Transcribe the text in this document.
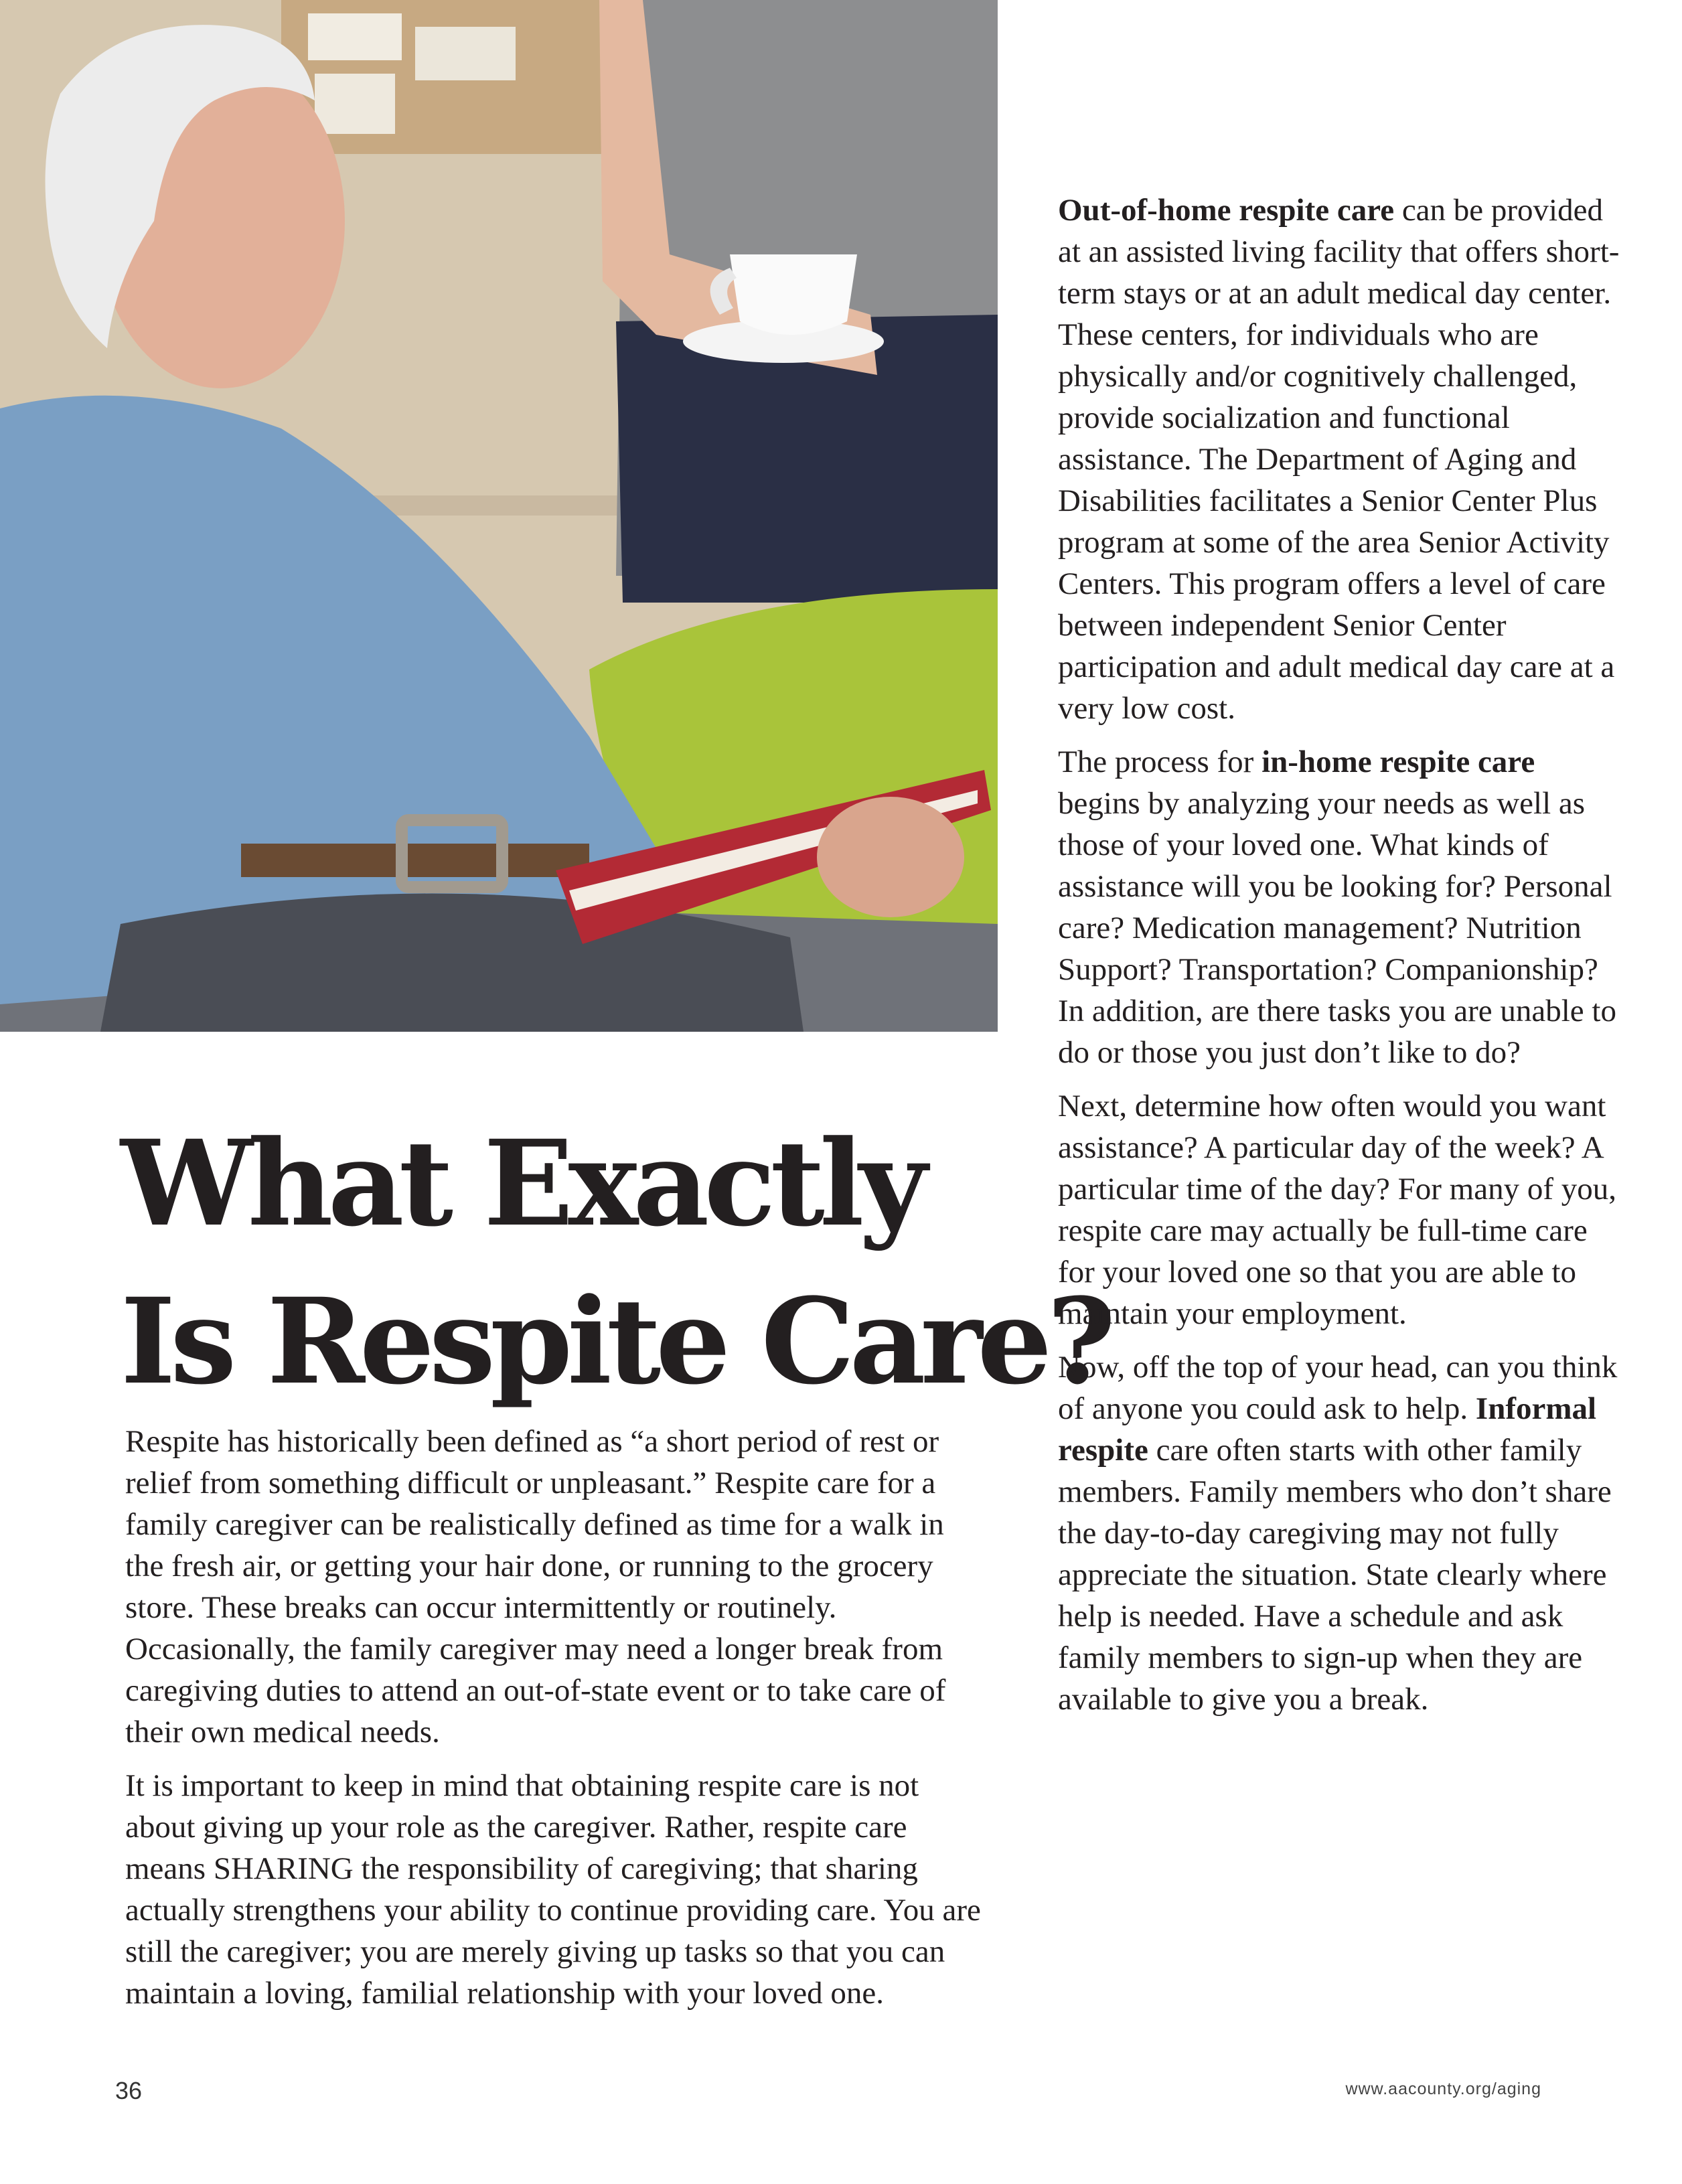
What Exactly
Is Respite Care?

Respite has historically been defined as “a short period of rest or relief from something difficult or unpleasant.” Respite care for a family caregiver can be realistically defined as time for a walk in the fresh air, or getting your hair done, or running to the grocery store. These breaks can occur intermittently or routinely. Occasionally, the family caregiver may need a longer break from caregiving duties to attend an out-of-state event or to take care of their own medical needs.

It is important to keep in mind that obtaining respite care is not about giving up your role as the caregiver. Rather, respite care means SHARING the responsibility of caregiving; that sharing actually strengthens your ability to continue providing care. You are still the caregiver; you are merely giving up tasks so that you can maintain a loving, familial relationship with your loved one.

Out-of-home respite care can be provided at an assisted living facility that offers short-term stays or at an adult medical day center. These centers, for individuals who are physically and/or cognitively challenged, provide socialization and functional assistance. The Department of Aging and Disabilities facilitates a Senior Center Plus program at some of the area Senior Activity Centers. This program offers a level of care between independent Senior Center participation and adult medical day care at a very low cost.

The process for in-home respite care begins by analyzing your needs as well as those of your loved one. What kinds of assistance will you be looking for? Personal care? Medication management? Nutrition Support? Transportation? Companionship? In addition, are there tasks you are unable to do or those you just don’t like to do?

Next, determine how often would you want assistance? A particular day of the week? A particular time of the day? For many of you, respite care may actually be full-time care for your loved one so that you are able to maintain your employment.

Now, off the top of your head, can you think of anyone you could ask to help. Informal respite care often starts with other family members. Family members who don’t share the day-to-day caregiving may not fully appreciate the situation. State clearly where help is needed. Have a schedule and ask family members to sign-up when they are available to give you a break.

36	www.aacounty.org/aging
